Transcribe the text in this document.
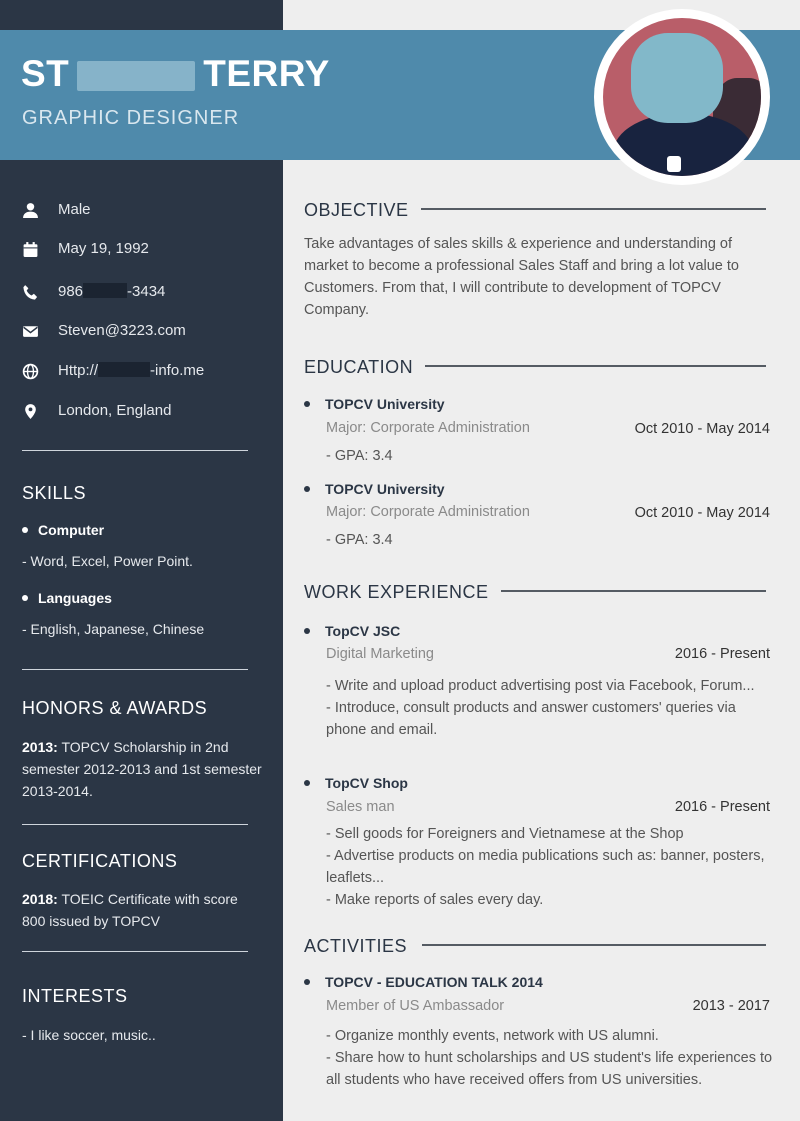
ST	TERRY
GRAPHIC DESIGNER
Male
May 19, 1992
986	-3434
Steven@3223.com
Http://	-info.me
London, England
SKILLS
Computer
- Word, Excel, Power Point.
Languages
- English, Japanese, Chinese
HONORS & AWARDS
2013: TOPCV Scholarship in 2nd semester 2012-2013 and 1st semester 2013-2014.
CERTIFICATIONS
2018: TOEIC Certificate with score 800 issued by TOPCV
INTERESTS
- I like soccer, music..
OBJECTIVE
Take advantages of sales skills & experience and understanding of market to become a professional Sales Staff and bring a lot value to Customers. From that, I will contribute to development of TOPCV Company.
EDUCATION
TOPCV University
Major: Corporate Administration	Oct 2010 - May 2014
- GPA: 3.4
TOPCV University
Major: Corporate Administration	Oct 2010 - May 2014
- GPA: 3.4
WORK EXPERIENCE
TopCV JSC
Digital Marketing	2016 - Present
- Write and upload product advertising post via Facebook, Forum...
- Introduce, consult products and answer customers' queries via phone and email.
TopCV Shop
Sales man	2016 - Present
- Sell goods for Foreigners and Vietnamese at the Shop
- Advertise products on media publications such as: banner, posters, leaflets...
- Make reports of sales every day.
ACTIVITIES
TOPCV - EDUCATION TALK 2014
Member of US Ambassador	2013 - 2017
- Organize monthly events, network with US alumni.
- Share how to hunt scholarships and US student's life experiences to all students who have received offers from US universities.
